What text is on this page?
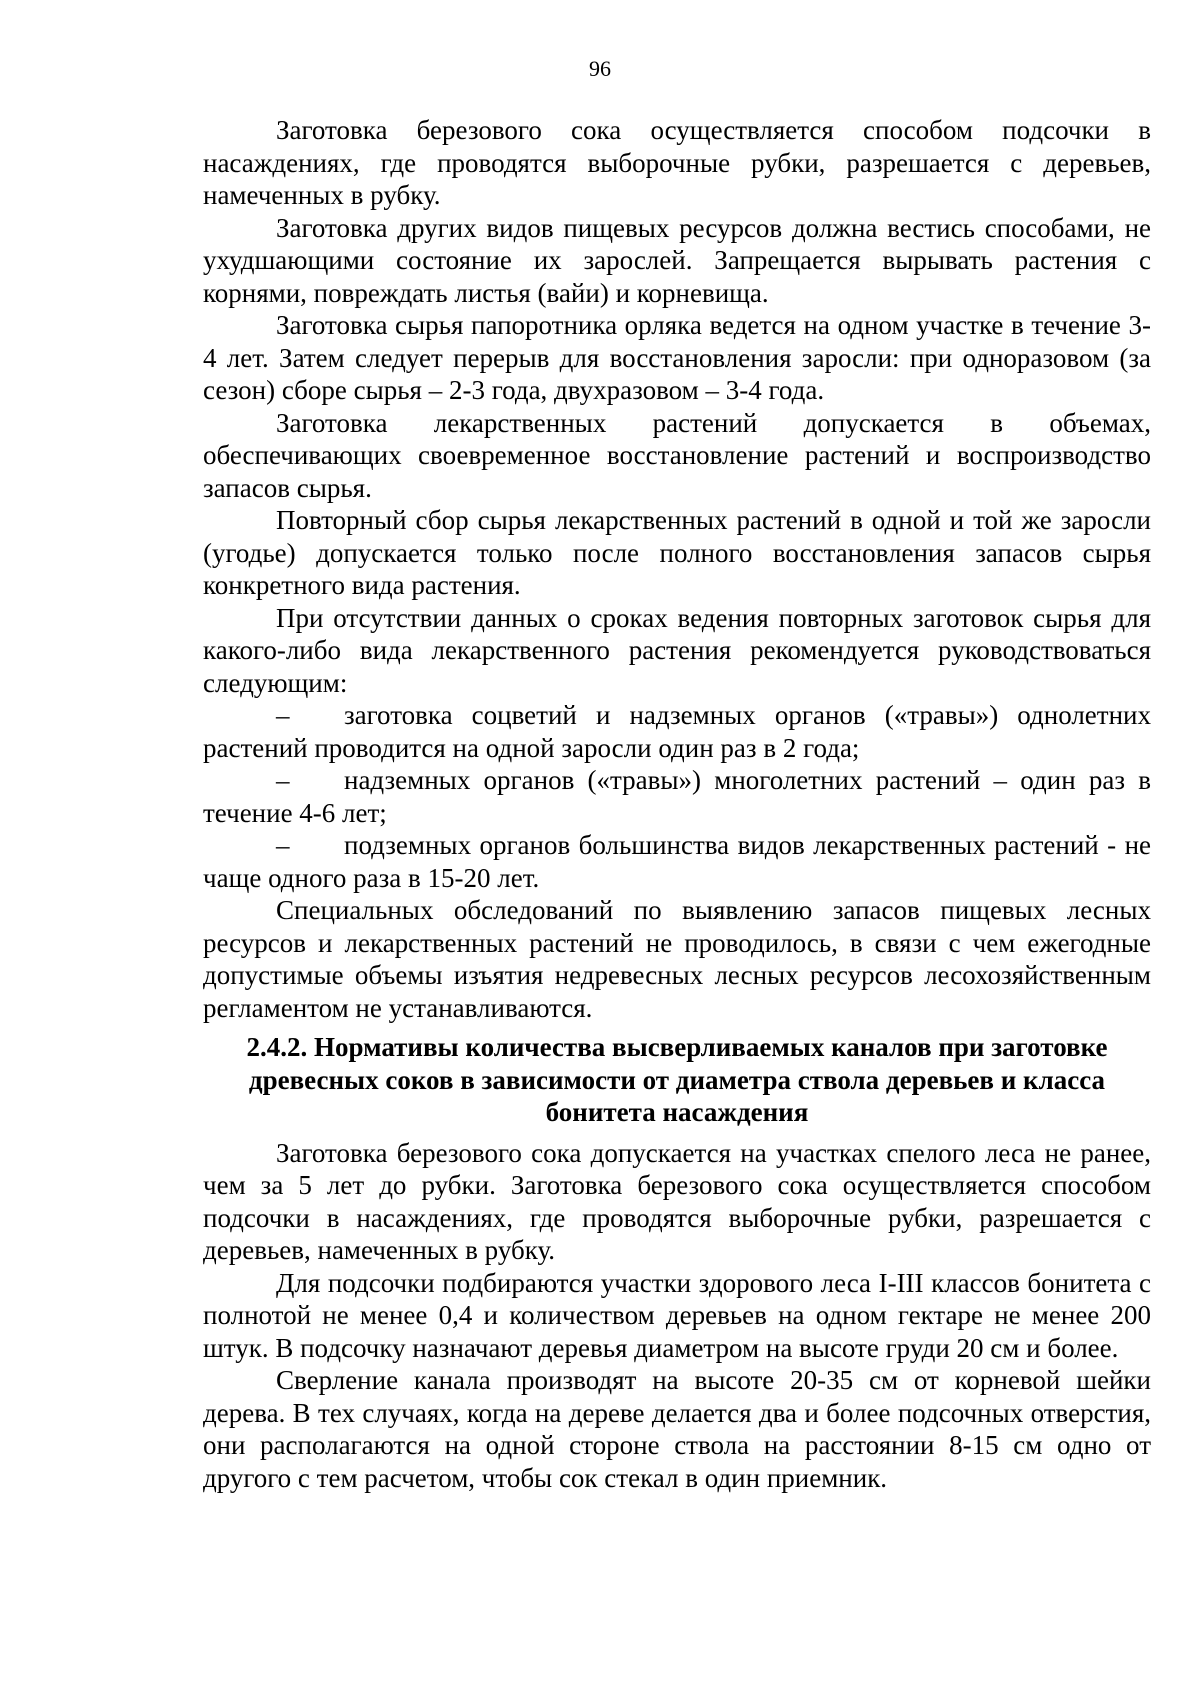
96

Заготовка березового сока осуществляется способом подсочки в насаждениях, где проводятся выборочные рубки, разрешается с деревьев, намеченных в рубку.

Заготовка других видов пищевых ресурсов должна вестись способами, не ухудшающими состояние их зарослей. Запрещается вырывать растения с корнями, повреждать листья (вайи) и корневища.

Заготовка сырья папоротника орляка ведется на одном участке в течение 3-4 лет. Затем следует перерыв для восстановления заросли: при одноразовом (за сезон) сборе сырья – 2-3 года, двухразовом – 3-4 года.

Заготовка лекарственных растений допускается в объемах, обеспечивающих своевременное восстановление растений и воспроизводство запасов сырья.

Повторный сбор сырья лекарственных растений в одной и той же заросли (угодье) допускается только после полного восстановления запасов сырья конкретного вида растения.

При отсутствии данных о сроках ведения повторных заготовок сырья для какого-либо вида лекарственного растения рекомендуется руководствоваться следующим:

– заготовка соцветий и надземных органов («травы») однолетних растений проводится на одной заросли один раз в 2 года;

– надземных органов («травы») многолетних растений – один раз в течение 4-6 лет;

– подземных органов большинства видов лекарственных растений - не чаще одного раза в 15-20 лет.

Специальных обследований по выявлению запасов пищевых лесных ресурсов и лекарственных растений не проводилось, в связи с чем ежегодные допустимые объемы изъятия недревесных лесных ресурсов лесохозяйственным регламентом не устанавливаются.

2.4.2. Нормативы количества высверливаемых каналов при заготовке древесных соков в зависимости от диаметра ствола деревьев и класса бонитета насаждения

Заготовка березового сока допускается на участках спелого леса не ранее, чем за 5 лет до рубки. Заготовка березового сока осуществляется способом подсочки в насаждениях, где проводятся выборочные рубки, разрешается с деревьев, намеченных в рубку.

Для подсочки подбираются участки здорового леса I-III классов бонитета с полнотой не менее 0,4 и количеством деревьев на одном гектаре не менее 200 штук. В подсочку назначают деревья диаметром на высоте груди 20 см и более.

Сверление канала производят на высоте 20-35 см от корневой шейки дерева. В тех случаях, когда на дереве делается два и более подсочных отверстия, они располагаются на одной стороне ствола на расстоянии 8-15 см одно от другого с тем расчетом, чтобы сок стекал в один приемник.
